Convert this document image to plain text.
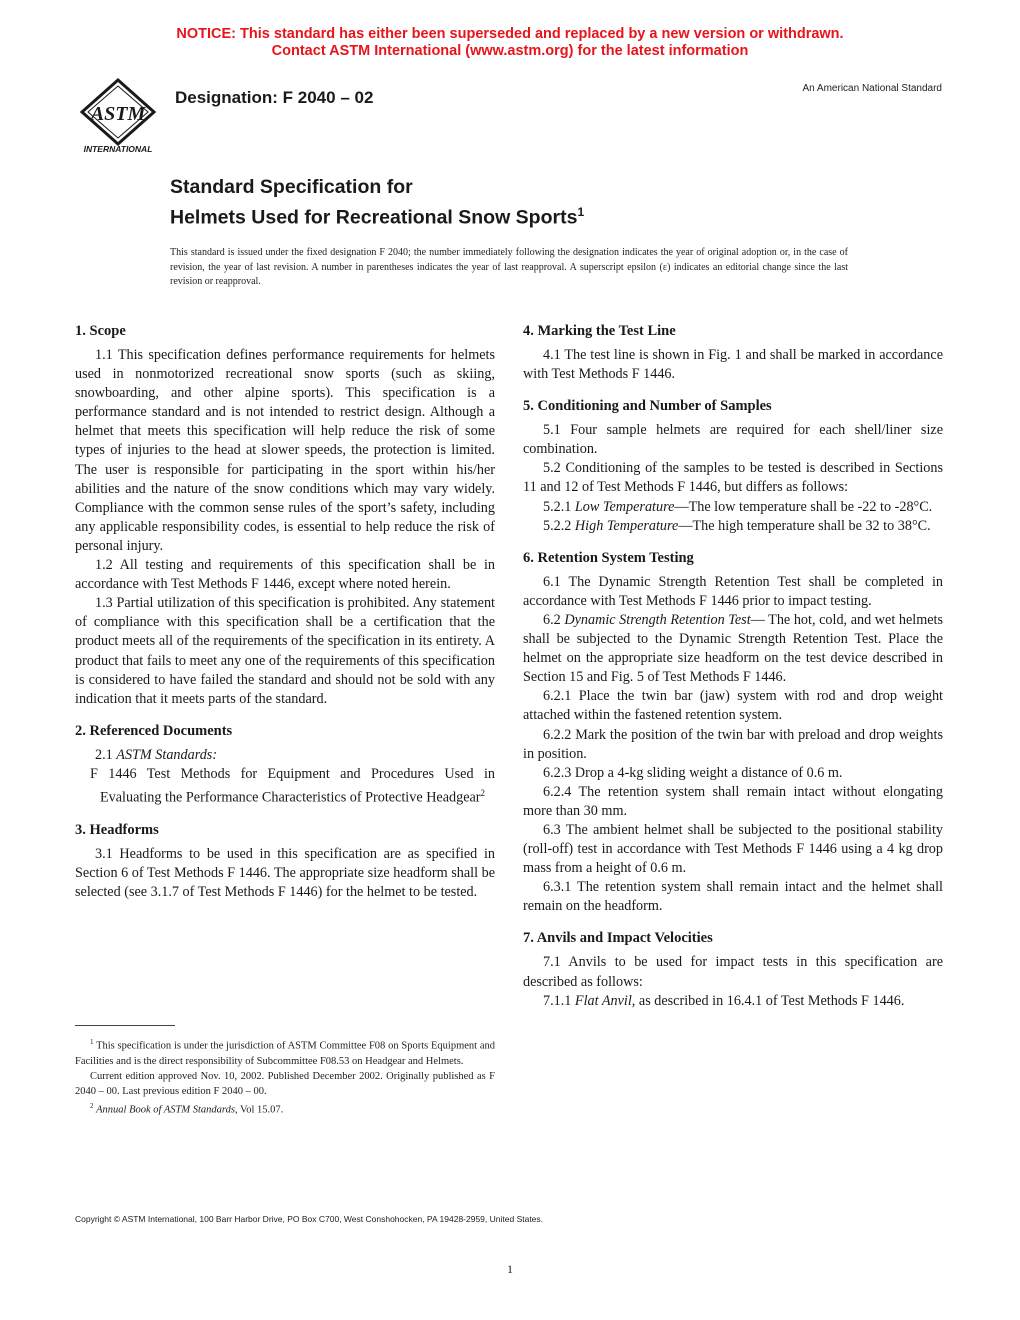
NOTICE: This standard has either been superseded and replaced by a new version or withdrawn.
Contact ASTM International (www.astm.org) for the latest information
ASTM
INTERNATIONAL
Designation: F 2040 – 02	An American National Standard
Standard Specification for
Helmets Used for Recreational Snow Sports$^1$
This standard is issued under the fixed designation F 2040; the number immediately following the designation indicates the year of original adoption or, in the case of revision, the year of last revision. A number in parentheses indicates the year of last reapproval. A superscript epsilon (ε) indicates an editorial change since the last revision or reapproval.
1. Scope

1.1 This specification defines performance requirements for helmets used in nonmotorized recreational snow sports (such as skiing, snowboarding, and other alpine sports). This specification is a performance standard and is not intended to restrict design. Although a helmet that meets this specification will help reduce the risk of some types of injuries to the head at slower speeds, the protection is limited. The user is responsible for participating in the sport within his/her abilities and the nature of the snow conditions which may vary widely. Compliance with the common sense rules of the sport’s safety, including any applicable responsibility codes, is essential to help reduce the risk of personal injury.

1.2 All testing and requirements of this specification shall be in accordance with Test Methods F 1446, except where noted herein.

1.3 Partial utilization of this specification is prohibited. Any statement of compliance with this specification shall be a certification that the product meets all of the requirements of the specification in its entirety. A product that fails to meet any one of the requirements of this specification is considered to have failed the standard and should not be sold with any indication that it meets parts of the standard.

2. Referenced Documents

2.1 ASTM Standards:

F 1446 Test Methods for Equipment and Procedures Used in Evaluating the Performance Characteristics of Protective Headgear$^2$

3. Headforms

3.1 Headforms to be used in this specification are as specified in Section 6 of Test Methods F 1446. The appropriate size headform shall be selected (see 3.1.7 of Test Methods F 1446) for the helmet to be tested.

4. Marking the Test Line

4.1 The test line is shown in Fig. 1 and shall be marked in accordance with Test Methods F 1446.

5. Conditioning and Number of Samples

5.1 Four sample helmets are required for each shell/liner size combination.

5.2 Conditioning of the samples to be tested is described in Sections 11 and 12 of Test Methods F 1446, but differs as follows:

5.2.1 Low Temperature—The low temperature shall be -22 to -28°C.

5.2.2 High Temperature—The high temperature shall be 32 to 38°C.

6. Retention System Testing

6.1 The Dynamic Strength Retention Test shall be completed in accordance with Test Methods F 1446 prior to impact testing.

6.2 Dynamic Strength Retention Test— The hot, cold, and wet helmets shall be subjected to the Dynamic Strength Retention Test. Place the helmet on the appropriate size headform on the test device described in Section 15 and Fig. 5 of Test Methods F 1446.

6.2.1 Place the twin bar (jaw) system with rod and drop weight attached within the fastened retention system.

6.2.2 Mark the position of the twin bar with preload and drop weights in position.

6.2.3 Drop a 4-kg sliding weight a distance of 0.6 m.

6.2.4 The retention system shall remain intact without elongating more than 30 mm.

6.3 The ambient helmet shall be subjected to the positional stability (roll-off) test in accordance with Test Methods F 1446 using a 4 kg drop mass from a height of 0.6 m.

6.3.1 The retention system shall remain intact and the helmet shall remain on the headform.

7. Anvils and Impact Velocities

7.1 Anvils to be used for impact tests in this specification are described as follows:

7.1.1 Flat Anvil, as described in 16.4.1 of Test Methods F 1446.

$^1$ This specification is under the jurisdiction of ASTM Committee F08 on Sports Equipment and Facilities and is the direct responsibility of Subcommittee F08.53 on Headgear and Helmets.

Current edition approved Nov. 10, 2002. Published December 2002. Originally published as F 2040 – 00. Last previous edition F 2040 – 00.

$^2$ Annual Book of ASTM Standards, Vol 15.07.

Copyright © ASTM International, 100 Barr Harbor Drive, PO Box C700, West Conshohocken, PA 19428-2959, United States.
1
